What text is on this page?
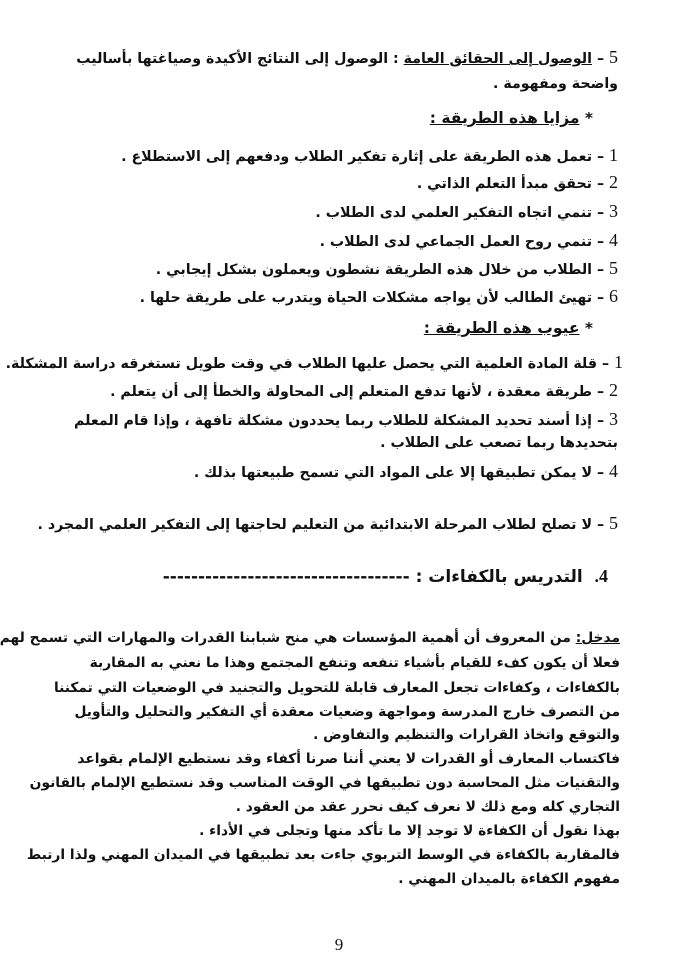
5 – الوصول إلى الحقائق العامة : الوصول إلى النتائج الأكيدة وصياغتها بأساليب
واضحة ومفهومة .
* مزايا هذه الطريقة :
1 – تعمل هذه الطريقة على إثارة تفكير الطلاب ودفعهم إلى الاستطلاع .
2 – تحقق مبدأ التعلم الذاتي .
3 – تنمي اتجاه التفكير العلمي لدى الطلاب .
4 – تنمي روح العمل الجماعي لدى الطلاب .
5 – الطلاب من خلال هذه الطريقة نشطون ويعملون بشكل إيجابي .
6 – تهيئ الطالب لأن يواجه مشكلات الحياة ويتدرب على طريقة حلها .
* عيوب هذه الطريقة :
1 – قلة المادة العلمية التي يحصل عليها الطلاب في وقت طويل تستغرقه دراسة المشكلة.
2 – طريقة معقدة ، لأنها تدفع المتعلم إلى المحاولة والخطأ إلى أن يتعلم .
3 – إذا أسند تحديد المشكلة للطلاب ربما يحددون مشكلة تافهة ، وإذا قام المعلم
بتحديدها ربما تصعب على الطلاب .
4 – لا يمكن تطبيقها إلا على المواد التي تسمح طبيعتها بذلك .
5 – لا تصلح لطلاب المرحلة الابتدائية من التعليم لحاجتها إلى التفكير العلمي المجرد .
4.  التدريس بالكفاءات : -----------------------------------
مدخل: من المعروف أن أهمية المؤسسات هي منح شبابنا القدرات والمهارات التي تسمح لهم
فعلا أن يكون كفء للقيام بأشياء تنفعه وتنفع المجتمع وهذا ما نعني به المقاربة
بالكفاءات ، وكفاءات تجعل المعارف قابلة للتحويل والتجنيد في الوضعيات التي تمكننا
من التصرف خارج المدرسة ومواجهة وضعيات معقدة أي التفكير والتحليل والتأويل
والتوقع واتخاذ القرارات والتنظيم والتفاوض .
فاكتساب المعارف أو القدرات لا يعني أننا صرنا أكفاء وقد نستطيع الإلمام بقواعد
والتقنيات مثل المحاسبة دون تطبيقها في الوقت المناسب وقد نستطيع الإلمام بالقانون
التجاري كله ومع ذلك لا نعرف كيف نحرر عقد من العقود .
بهذا نقول أن الكفاءة لا توجد إلا ما تأكد منها وتجلى في الأداء .
فالمقاربة بالكفاءة في الوسط التربوي جاءت بعد تطبيقها في الميدان المهني ولذا ارتبط
مفهوم الكفاءة بالميدان المهني .
9
